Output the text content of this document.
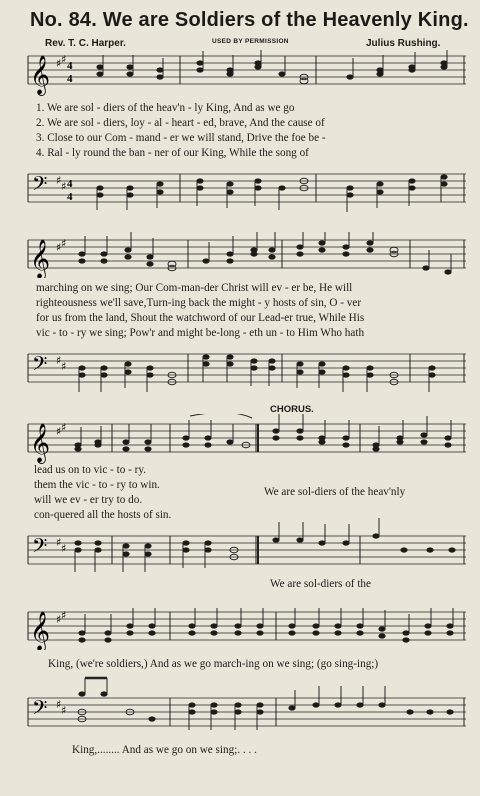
No. 84. We are Soldiers of the Heavenly King.
Rev. T. C. Harper.	USED BY PERMISSION	Julius Rushing.
𝄞 ♯ ♯ 4
4
1. We are sol - diers of the heav'n - ly King, And as we go
2. We are sol - diers, loy - al - heart - ed, brave, And the cause of
3. Close to our Com - mand - er we will stand, Drive the foe be -
4. Ral - ly round the ban - ner of our King, While the song of
𝄢 ♯ ♯ 4
4
𝄞 ♯ ♯
marching on we sing; Our Com-man-der Christ will ev - er be, He will
righteousness we'll save,Turn-ing back the might - y hosts of sin, O - ver
for us from the land, Shout the watchword of our Lead-er true, While His
vic - to - ry we sing; Pow'r and might be-long - eth un - to Him Who hath
𝄢 ♯ ♯
CHORUS.
𝄞 ♯ ♯
lead us on to vic - to - ry.
them the vic - to - ry to win.
will we ev - er try to do.
con-quered all the hosts of sin.
We are sol-diers of the heav'nly
𝄢 ♯ ♯
We are sol-diers of the
𝄞 ♯ ♯
King, (we're soldiers,) And as we go march-ing on we sing; (go sing-ing;)
𝄢 ♯ ♯
King,........ And as we go on we sing;. . . .
